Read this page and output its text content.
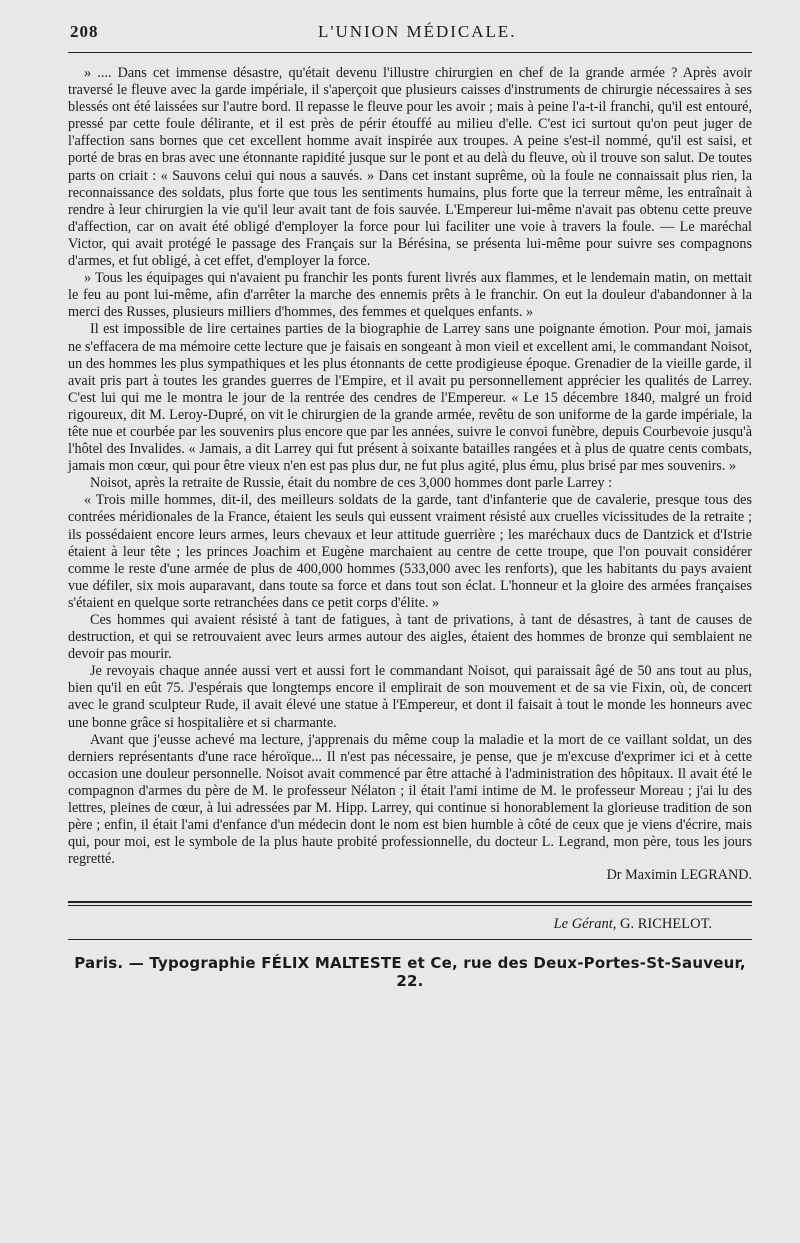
208	L'UNION MÉDICALE.

» .... Dans cet immense désastre, qu'était devenu l'illustre chirurgien en chef de la grande armée ? Après avoir traversé le fleuve avec la garde impériale, il s'aperçoit que plusieurs caisses d'instruments de chirurgie nécessaires à ses blessés ont été laissées sur l'autre bord. Il repasse le fleuve pour les avoir ; mais à peine l'a-t-il franchi, qu'il est entouré, pressé par cette foule délirante, et il est près de périr étouffé au milieu d'elle. C'est ici surtout qu'on peut juger de l'affection sans bornes que cet excellent homme avait inspirée aux troupes. A peine s'est-il nommé, qu'il est saisi, et porté de bras en bras avec une étonnante rapidité jusque sur le pont et au delà du fleuve, où il trouve son salut. De toutes parts on criait : « Sauvons celui qui nous a sauvés. » Dans cet instant suprême, où la foule ne connaissait plus rien, la reconnaissance des soldats, plus forte que tous les sentiments humains, plus forte que la terreur même, les entraînait à rendre à leur chirurgien la vie qu'il leur avait tant de fois sauvée. L'Empereur lui-même n'avait pas obtenu cette preuve d'affection, car on avait été obligé d'employer la force pour lui faciliter une voie à travers la foule. — Le maréchal Victor, qui avait protégé le passage des Français sur la Bérésina, se présenta lui-même pour suivre ses compagnons d'armes, et fut obligé, à cet effet, d'employer la force.

» Tous les équipages qui n'avaient pu franchir les ponts furent livrés aux flammes, et le lendemain matin, on mettait le feu au pont lui-même, afin d'arrêter la marche des ennemis prêts à le franchir. On eut la douleur d'abandonner à la merci des Russes, plusieurs milliers d'hommes, des femmes et quelques enfants. »

Il est impossible de lire certaines parties de la biographie de Larrey sans une poignante émotion. Pour moi, jamais ne s'effacera de ma mémoire cette lecture que je faisais en songeant à mon vieil et excellent ami, le commandant Noisot, un des hommes les plus sympathiques et les plus étonnants de cette prodigieuse époque. Grenadier de la vieille garde, il avait pris part à toutes les grandes guerres de l'Empire, et il avait pu personnellement apprécier les qualités de Larrey. C'est lui qui me le montra le jour de la rentrée des cendres de l'Empereur. « Le 15 décembre 1840, malgré un froid rigoureux, dit M. Leroy-Dupré, on vit le chirurgien de la grande armée, revêtu de son uniforme de la garde impériale, la tête nue et courbée par les souvenirs plus encore que par les années, suivre le convoi funèbre, depuis Courbevoie jusqu'à l'hôtel des Invalides. « Jamais, a dit Larrey qui fut présent à soixante batailles rangées et à plus de quatre cents combats, jamais mon cœur, qui pour être vieux n'en est pas plus dur, ne fut plus agité, plus ému, plus brisé par mes souvenirs. »

Noisot, après la retraite de Russie, était du nombre de ces 3,000 hommes dont parle Larrey :

« Trois mille hommes, dit-il, des meilleurs soldats de la garde, tant d'infanterie que de cavalerie, presque tous des contrées méridionales de la France, étaient les seuls qui eussent vraiment résisté aux cruelles vicissitudes de la retraite ; ils possédaient encore leurs armes, leurs chevaux et leur attitude guerrière ; les maréchaux ducs de Dantzick et d'Istrie étaient à leur tête ; les princes Joachim et Eugène marchaient au centre de cette troupe, que l'on pouvait considérer comme le reste d'une armée de plus de 400,000 hommes (533,000 avec les renforts), que les habitants du pays avaient vue défiler, six mois auparavant, dans toute sa force et dans tout son éclat. L'honneur et la gloire des armées françaises s'étaient en quelque sorte retranchées dans ce petit corps d'élite. »

Ces hommes qui avaient résisté à tant de fatigues, à tant de privations, à tant de désastres, à tant de causes de destruction, et qui se retrouvaient avec leurs armes autour des aigles, étaient des hommes de bronze qui semblaient ne devoir pas mourir.

Je revoyais chaque année aussi vert et aussi fort le commandant Noisot, qui paraissait âgé de 50 ans tout au plus, bien qu'il en eût 75. J'espérais que longtemps encore il emplirait de son mouvement et de sa vie Fixin, où, de concert avec le grand sculpteur Rude, il avait élevé une statue à l'Empereur, et dont il faisait à tout le monde les honneurs avec une bonne grâce si hospitalière et si charmante.

Avant que j'eusse achevé ma lecture, j'apprenais du même coup la maladie et la mort de ce vaillant soldat, un des derniers représentants d'une race héroïque... Il n'est pas nécessaire, je pense, que je m'excuse d'exprimer ici et à cette occasion une douleur personnelle. Noisot avait commencé par être attaché à l'administration des hôpitaux. Il avait été le compagnon d'armes du père de M. le professeur Nélaton ; il était l'ami intime de M. le professeur Moreau ; j'ai lu des lettres, pleines de cœur, à lui adressées par M. Hipp. Larrey, qui continue si honorablement la glorieuse tradition de son père ; enfin, il était l'ami d'enfance d'un médecin dont le nom est bien humble à côté de ceux que je viens d'écrire, mais qui, pour moi, est le symbole de la plus haute probité professionnelle, du docteur L. Legrand, mon père, tous les jours regretté.

Dr Maximin LEGRAND.
Le Gérant, G. RICHELOT.
Paris. — Typographie FÉLIX MALTESTE et Ce, rue des Deux-Portes-St-Sauveur, 22.
